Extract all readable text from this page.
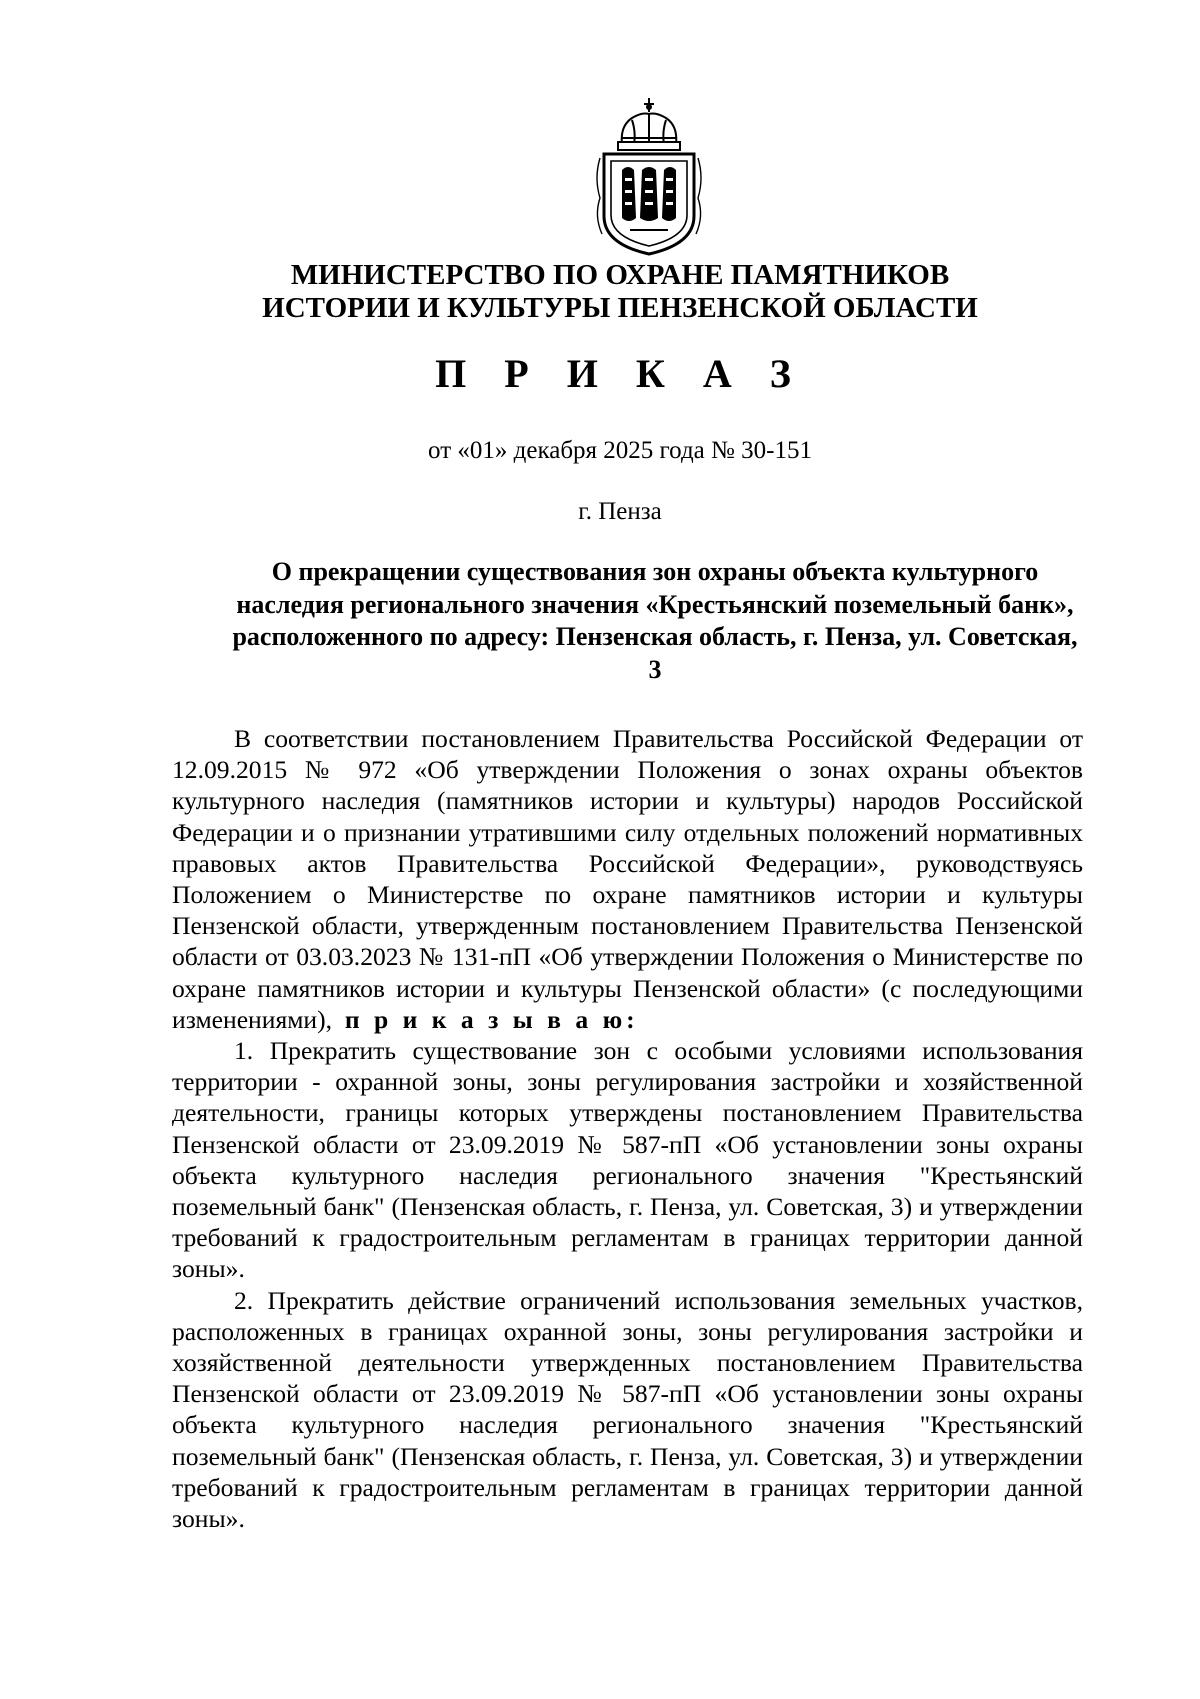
МИНИСТЕРСТВО ПО ОХРАНЕ ПАМЯТНИКОВ
ИСТОРИИ И КУЛЬТУРЫ ПЕНЗЕНСКОЙ ОБЛАСТИ
П Р И К А З
от «01» декабря 2025 года № 30-151
г. Пенза
О прекращении существования зон охраны объекта культурного наследия регионального значения «Крестьянский поземельный банк», расположенного по адресу: Пензенская область, г. Пенза, ул. Советская, 3

В соответствии постановлением Правительства Российской Федерации от 12.09.2015 № 972 «Об утверждении Положения о зонах охраны объектов культурного наследия (памятников истории и культуры) народов Российской Федерации и о признании утратившими силу отдельных положений нормативных правовых актов Правительства Российской Федерации», руководствуясь Положением о Министерстве по охране памятников истории и культуры Пензенской области, утвержденным постановлением Правительства Пензенской области от 03.03.2023 № 131-пП «Об утверждении Положения о Министерстве по охране памятников истории и культуры Пензенской области» (с последующими изменениями), п р и к а з ы в а ю:

1. Прекратить существование зон с особыми условиями использования территории - охранной зоны, зоны регулирования застройки и хозяйственной деятельности, границы которых утверждены постановлением Правительства Пензенской области от 23.09.2019 № 587-пП «Об установлении зоны охраны объекта культурного наследия регионального значения "Крестьянский поземельный банк" (Пензенская область, г. Пенза, ул. Советская, 3) и утверждении требований к градостроительным регламентам в границах территории данной зоны».

2. Прекратить действие ограничений использования земельных участков, расположенных в границах охранной зоны, зоны регулирования застройки и хозяйственной деятельности утвержденных постановлением Правительства Пензенской области от 23.09.2019 № 587-пП «Об установлении зоны охраны объекта культурного наследия регионального значения "Крестьянский поземельный банк" (Пензенская область, г. Пенза, ул. Советская, 3) и утверждении требований к градостроительным регламентам в границах территории данной зоны».
